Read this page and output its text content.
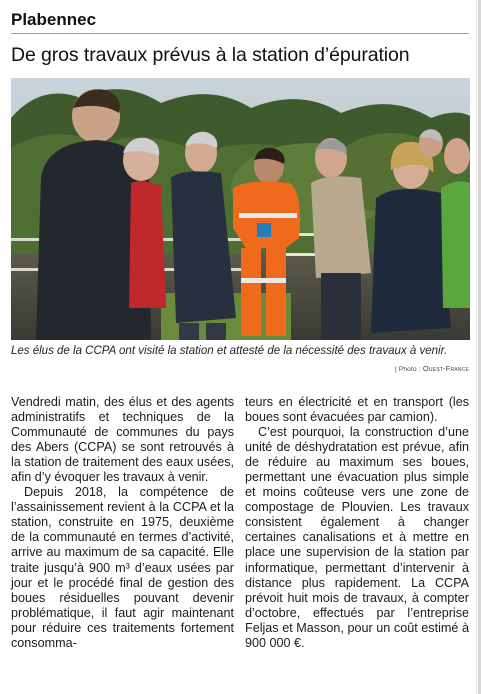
Plabennec
De gros travaux prévus à la station d’épuration
Les élus de la CCPA ont visité la station et attesté de la nécessité des travaux à venir.
| Photo : Ouest-France

Vendredi matin, des élus et des agents administratifs et techniques de la Communauté de communes du pays des Abers (CCPA) se sont retrouvés à la station de traitement des eaux usées, afin d’y évoquer les travaux à venir.

Depuis 2018, la compétence de l’assainissement revient à la CCPA et la station, construite en 1975, deuxième de la communauté en termes d’activité, arrive au maximum de sa capacité. Elle traite jusqu’à 900 m³ d’eaux usées par jour et le procédé final de gestion des boues résiduelles pouvant devenir problématique, il faut agir maintenant pour réduire ces traitements fortement consomma-

teurs en électricité et en transport (les boues sont évacuées par camion).

C’est pourquoi, la construction d’une unité de déshydratation est prévue, afin de réduire au maximum ses boues, permettant une évacuation plus simple et moins coûteuse vers une zone de compostage de Plouvien. Les travaux consistent également à changer certaines canalisations et à mettre en place une supervision de la station par informatique, permettant d’intervenir à distance plus rapidement. La CCPA prévoit huit mois de travaux, à compter d’octobre, effectués par l’entreprise Feljas et Masson, pour un coût estimé à 900 000 €.
